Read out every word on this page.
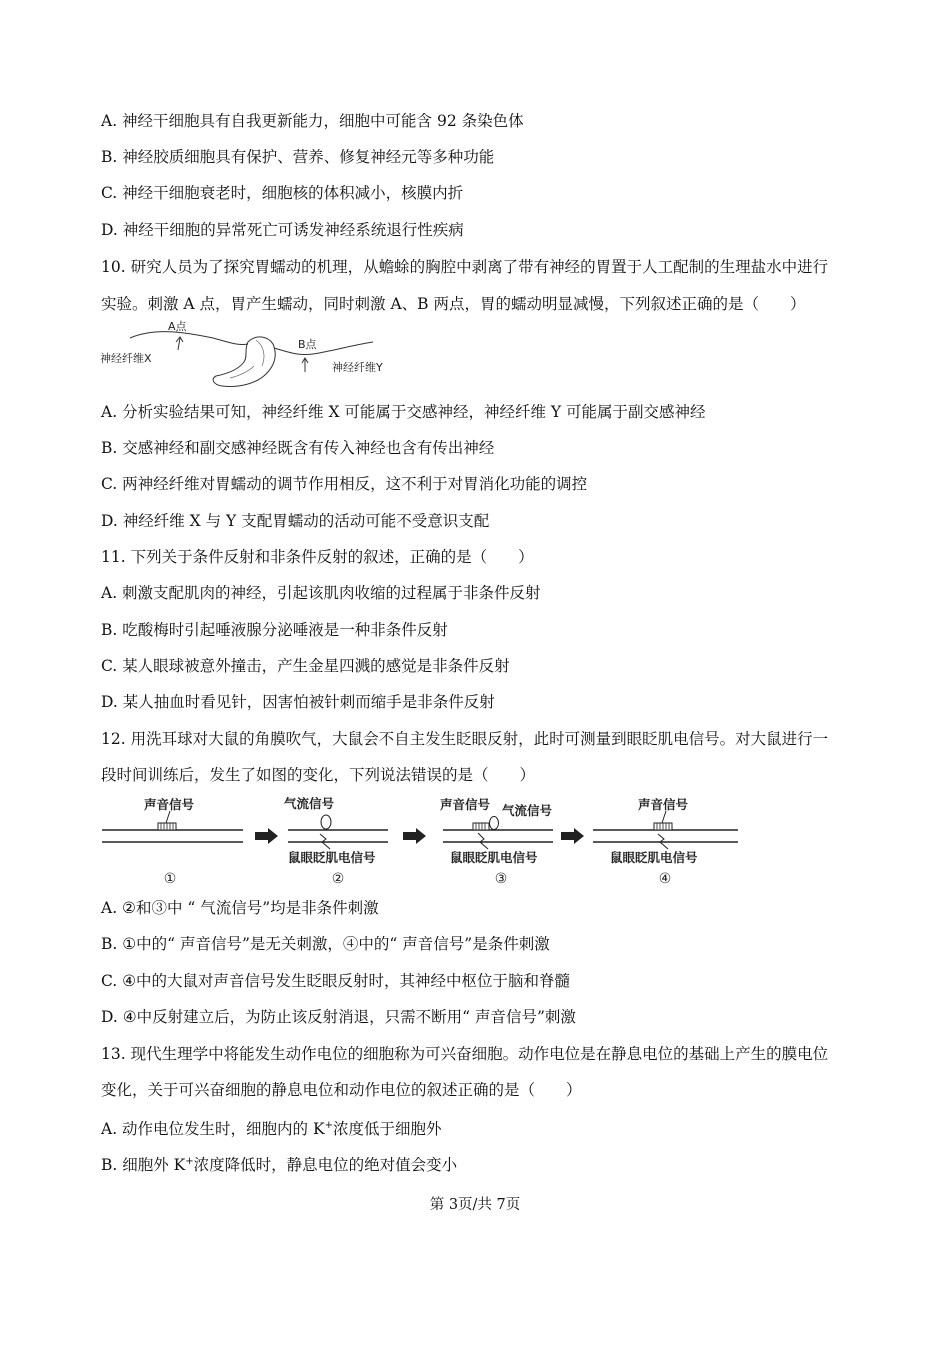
A. 神经干细胞具有自我更新能力，细胞中可能含 92 条染色体
B. 神经胶质细胞具有保护、营养、修复神经元等多种功能
C. 神经干细胞衰老时，细胞核的体积减小，核膜内折
D. 神经干细胞的异常死亡可诱发神经系统退行性疾病
10. 研究人员为了探究胃蠕动的机理，从蟾蜍的胸腔中剥离了带有神经的胃置于人工配制的生理盐水中进行
实验。刺激 A 点，胃产生蠕动，同时刺激 A、B 两点，胃的蠕动明显减慢，下列叙述正确的是（　　）
A点
B点
神经纤维X
神经纤维Y
A. 分析实验结果可知，神经纤维 X 可能属于交感神经，神经纤维 Y 可能属于副交感神经
B. 交感神经和副交感神经既含有传入神经也含有传出神经
C. 两神经纤维对胃蠕动的调节作用相反，这不利于对胃消化功能的调控
D. 神经纤维 X 与 Y 支配胃蠕动的活动可能不受意识支配
11. 下列关于条件反射和非条件反射的叙述，正确的是（　　）
A. 刺激支配肌肉的神经，引起该肌肉收缩的过程属于非条件反射
B. 吃酸梅时引起唾液腺分泌唾液是一种非条件反射
C. 某人眼球被意外撞击，产生金星四溅的感觉是非条件反射
D. 某人抽血时看见针，因害怕被针刺而缩手是非条件反射
12. 用洗耳球对大鼠的角膜吹气，大鼠会不自主发生眨眼反射，此时可测量到眼眨肌电信号。对大鼠进行一
段时间训练后，发生了如图的变化，下列说法错误的是（　　）
声音信号
①
气流信号
鼠眼眨肌电信号
②
声音信号 气流信号
鼠眼眨肌电信号
③
声音信号
鼠眼眨肌电信号
④
A. ②和③中 “ 气流信号”均是非条件刺激
B. ①中的“ 声音信号”是无关刺激，④中的“ 声音信号”是条件刺激
C. ④中的大鼠对声音信号发生眨眼反射时，其神经中枢位于脑和脊髓
D. ④中反射建立后，为防止该反射消退，只需不断用“ 声音信号”刺激
13. 现代生理学中将能发生动作电位的细胞称为可兴奋细胞。动作电位是在静息电位的基础上产生的膜电位
变化，关于可兴奋细胞的静息电位和动作电位的叙述正确的是（　　）
A. 动作电位发生时，细胞内的 K+浓度低于细胞外
B. 细胞外 K+浓度降低时，静息电位的绝对值会变小
第 3页/共 7页
